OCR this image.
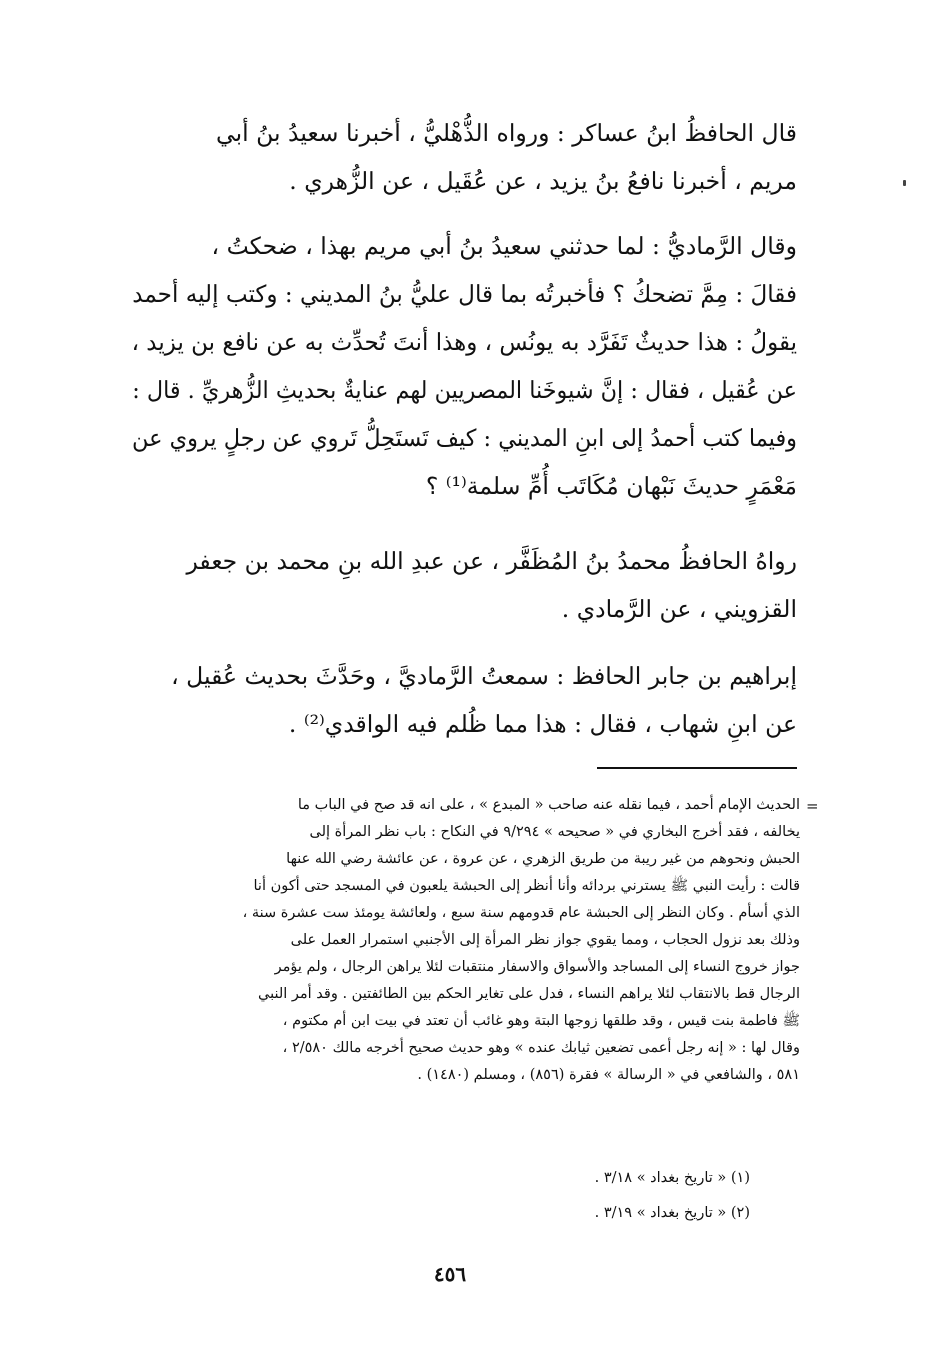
قال الحافظُ ابنُ عساكر : ورواه الذُّهْليُّ ، أخبرنا سعيدُ بنُ أبي
مريم ، أخبرنا نافعُ بنُ يزيد ، عن عُقَيل ، عن الزُّهري .
وقال الرَّماديُّ : لما حدثني سعيدُ بنُ أبي مريم بهذا ، ضحكتُ ،
فقالَ : مِمَّ تضحكُ ؟ فأخبرتُه بما قال عليُّ بنُ المديني : وكتب إليه أحمد
يقولُ : هذا حديثٌ تَفَرَّد به يونُس ، وهذا أنتَ تُحدِّث به عن نافع بن يزيد ،
عن عُقيل ، فقال : إنَّ شيوخَنا المصريين لهم عنايةٌ بحديثِ الزُّهريِّ . قال :
وفيما كتب أحمدُ إلى ابنِ المديني : كيف تَستَحِلُّ تَروي عن رجلٍ يروي عن
مَعْمَرٍ حديثَ نَبْهان مُكَاتَب أُمِّ سلمة⁽¹⁾ ؟
رواهُ الحافظُ محمدُ بنُ المُظَفَّر ، عن عبدِ الله بنِ محمد بن جعفر
القزويني ، عن الرَّمادي .
إبراهيم بن جابر الحافظ : سمعتُ الرَّماديَّ ، وحَدَّثَ بحديث عُقيل ،
عن ابنِ شهاب ، فقال : هذا مما ظُلم فيه الواقدي⁽²⁾ .
=
الحديث الإمام أحمد ، فيما نقله عنه صاحب « المبدع » ، على انه قد صح في الباب ما
يخالفه ، فقد أخرج البخاري في « صحيحه » ٩/٢٩٤ في النكاح : باب نظر المرأة إلى
الحبش ونحوهم من غير ريبة من طريق الزهري ، عن عروة ، عن عائشة رضي الله عنها
قالت : رأيت النبي ﷺ يسترني بردائه وأنا أنظر إلى الحبشة يلعبون في المسجد حتى أكون أنا
الذي أسأم . وكان النظر إلى الحبشة عام قدومهم سنة سبع ، ولعائشة يومئذ ست عشرة سنة ،
وذلك بعد نزول الحجاب ، ومما يقوي جواز نظر المرأة إلى الأجنبي استمرار العمل على
جواز خروج النساء إلى المساجد والأسواق والاسفار منتقبات لئلا يراهن الرجال ، ولم يؤمر
الرجال قط بالانتقاب لئلا يراهم النساء ، فدل على تغاير الحكم بين الطائفتين . وقد أمر النبي
ﷺ فاطمة بنت قيس ، وقد طلقها زوجها البتة وهو غائب أن تعتد في بيت ابن أم مكتوم ،
وقال لها : « إنه رجل أعمى تضعين ثيابك عنده » وهو حديث صحيح أخرجه مالك ٢/٥٨٠ ،
٥٨١ ، والشافعي في « الرسالة » فقرة (٨٥٦) ، ومسلم (١٤٨٠) .
(١) « تاريخ بغداد » ٣/١٨ .
(٢) « تاريخ بغداد » ٣/١٩ .
٤٥٦
